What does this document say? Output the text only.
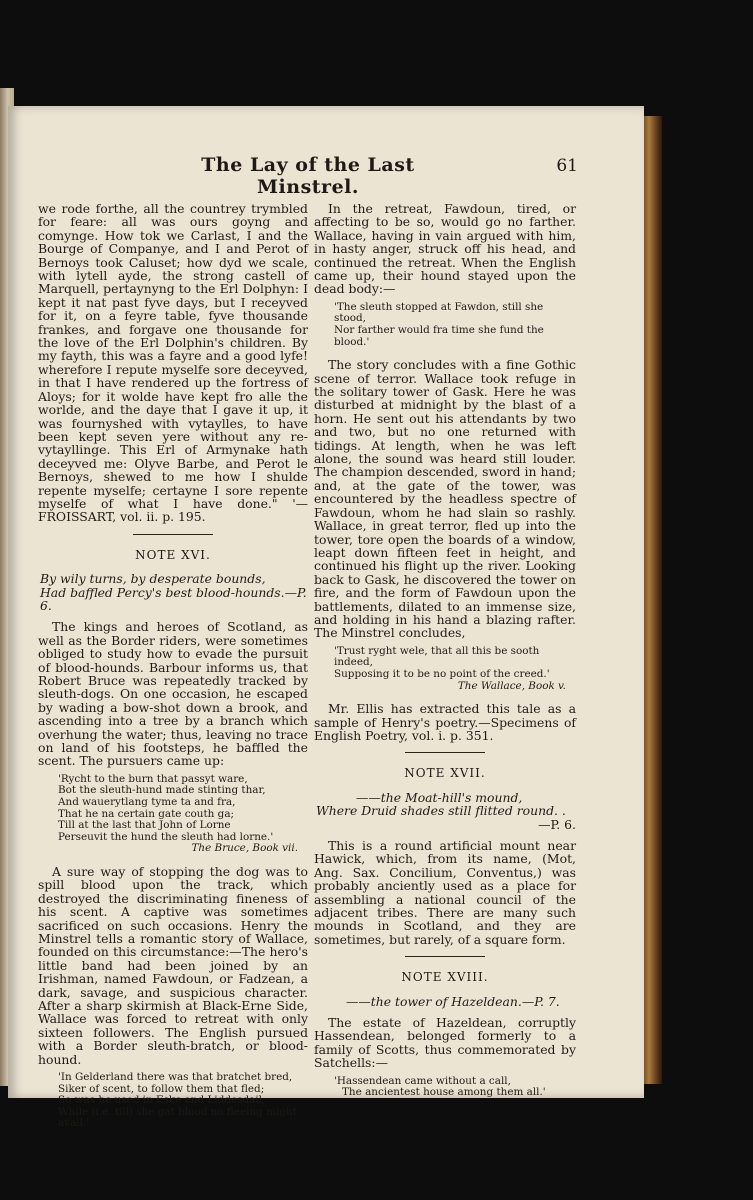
The Lay of the Last Minstrel.
61

we rode forthe, all the countrey trymbled for feare: all was ours goyng and comynge. How tok we Carlast, I and the Bourge of Companye, and I and Perot of Bernoys took Caluset; how dyd we scale, with lytell ayde, the strong castell of Marquell, pertaynyng to the Erl Dolphyn: I kept it nat past fyve days, but I receyved for it, on a feyre table, fyve thousande frankes, and forgave one thousande for the love of the Erl Dolphin's children. By my fayth, this was a fayre and a good lyfe! wherefore I repute myselfe sore deceyved, in that I have rendered up the fortress of Aloys; for it wolde have kept fro alle the worlde, and the daye that I gave it up, it was fournyshed with vytaylles, to have been kept seven yere without any re-vytayllinge. This Erl of Armynake hath deceyved me: Olyve Barbe, and Perot le Bernoys, shewed to me how I shulde repente myselfe; certayne I sore repente myselfe of what I have done." '—FROISSART, vol. ii. p. 195.

NOTE XVI.
By wily turns, by desperate bounds,
Had baffled Percy's best blood-hounds.—P. 6.

The kings and heroes of Scotland, as well as the Border riders, were sometimes obliged to study how to evade the pursuit of blood-hounds. Barbour informs us, that Robert Bruce was repeatedly tracked by sleuth-dogs. On one occasion, he escaped by wading a bow-shot down a brook, and ascending into a tree by a branch which overhung the water; thus, leaving no trace on land of his footsteps, he baffled the scent. The pursuers came up:

'Rycht to the burn that passyt ware,
Bot the sleuth-hund made stinting thar,
And wauerytlang tyme ta and fra,
That he na certain gate couth ga;
Till at the last that John of Lorne
Perseuvit the hund the sleuth had lorne.'
The Bruce, Book vii.

A sure way of stopping the dog was to spill blood upon the track, which destroyed the discriminating fineness of his scent. A captive was sometimes sacrificed on such occasions. Henry the Minstrel tells a romantic story of Wallace, founded on this circumstance:—The hero's little band had been joined by an Irishman, named Fawdoun, or Fadzean, a dark, savage, and suspicious character. After a sharp skirmish at Black-Erne Side, Wallace was forced to retreat with only sixteen followers. The English pursued with a Border sleuth-bratch, or blood-hound.

'In Gelderland there was that bratchet bred,
Siker of scent, to follow them that fled;
So was he used in Eske and Liddesdail,
While (i.e. till) she gat blood no fleeing might avail.'

In the retreat, Fawdoun, tired, or affecting to be so, would go no farther. Wallace, having in vain argued with him, in hasty anger, struck off his head, and continued the retreat. When the English came up, their hound stayed upon the dead body:—

'The sleuth stopped at Fawdon, still she stood,
Nor farther would fra time she fund the blood.'

The story concludes with a fine Gothic scene of terror. Wallace took refuge in the solitary tower of Gask. Here he was disturbed at midnight by the blast of a horn. He sent out his attendants by two and two, but no one returned with tidings. At length, when he was left alone, the sound was heard still louder. The champion descended, sword in hand; and, at the gate of the tower, was encountered by the headless spectre of Fawdoun, whom he had slain so rashly. Wallace, in great terror, fled up into the tower, tore open the boards of a window, leapt down fifteen feet in height, and continued his flight up the river. Looking back to Gask, he discovered the tower on fire, and the form of Fawdoun upon the battlements, dilated to an immense size, and holding in his hand a blazing rafter. The Minstrel concludes,

'Trust ryght wele, that all this be sooth indeed,
Supposing it to be no point of the creed.'
The Wallace, Book v.

Mr. Ellis has extracted this tale as a sample of Henry's poetry.—Specimens of English Poetry, vol. i. p. 351.

NOTE XVII.
——the Moat-hill's mound,
Where Druid shades still flitted round. .
—P. 6.

This is a round artificial mount near Hawick, which, from its name, (Mot, Ang. Sax. Concilium, Conventus,) was probably anciently used as a place for assembling a national council of the adjacent tribes. There are many such mounds in Scotland, and they are sometimes, but rarely, of a square form.

NOTE XVIII.
——the tower of Hazeldean.—P. 7.

The estate of Hazeldean, corruptly Hassendean, belonged formerly to a family of Scotts, thus commemorated by Satchells:—

'Hassendean came without a call,
The ancientest house among them all.'
